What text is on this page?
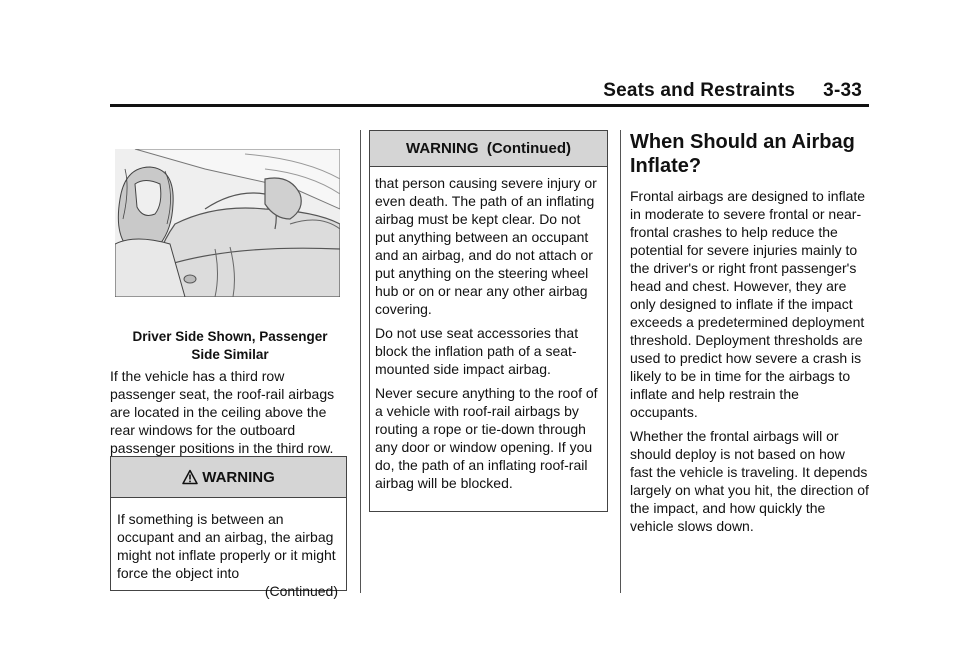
Seats and Restraints 3-33
Driver Side Shown, Passenger
Side Similar

If the vehicle has a third row passenger seat, the roof-rail airbags are located in the ceiling above the rear windows for the outboard passenger positions in the third row.

WARNING

If something is between an occupant and an airbag, the airbag might not inflate properly or it might force the object into

(Continued)

WARNING  (Continued)

that person causing severe injury or even death. The path of an inflating airbag must be kept clear. Do not put anything between an occupant and an airbag, and do not attach or put anything on the steering wheel hub or on or near any other airbag covering.

Do not use seat accessories that block the inflation path of a seat-mounted side impact airbag.

Never secure anything to the roof of a vehicle with roof-rail airbags by routing a rope or tie-down through any door or window opening. If you do, the path of an inflating roof-rail airbag will be blocked.

When Should an Airbag Inflate?

Frontal airbags are designed to inflate in moderate to severe frontal or near-frontal crashes to help reduce the potential for severe injuries mainly to the driver's or right front passenger's head and chest. However, they are only designed to inflate if the impact exceeds a predetermined deployment threshold. Deployment thresholds are used to predict how severe a crash is likely to be in time for the airbags to inflate and help restrain the occupants.

Whether the frontal airbags will or should deploy is not based on how fast the vehicle is traveling. It depends largely on what you hit, the direction of the impact, and how quickly the vehicle slows down.
